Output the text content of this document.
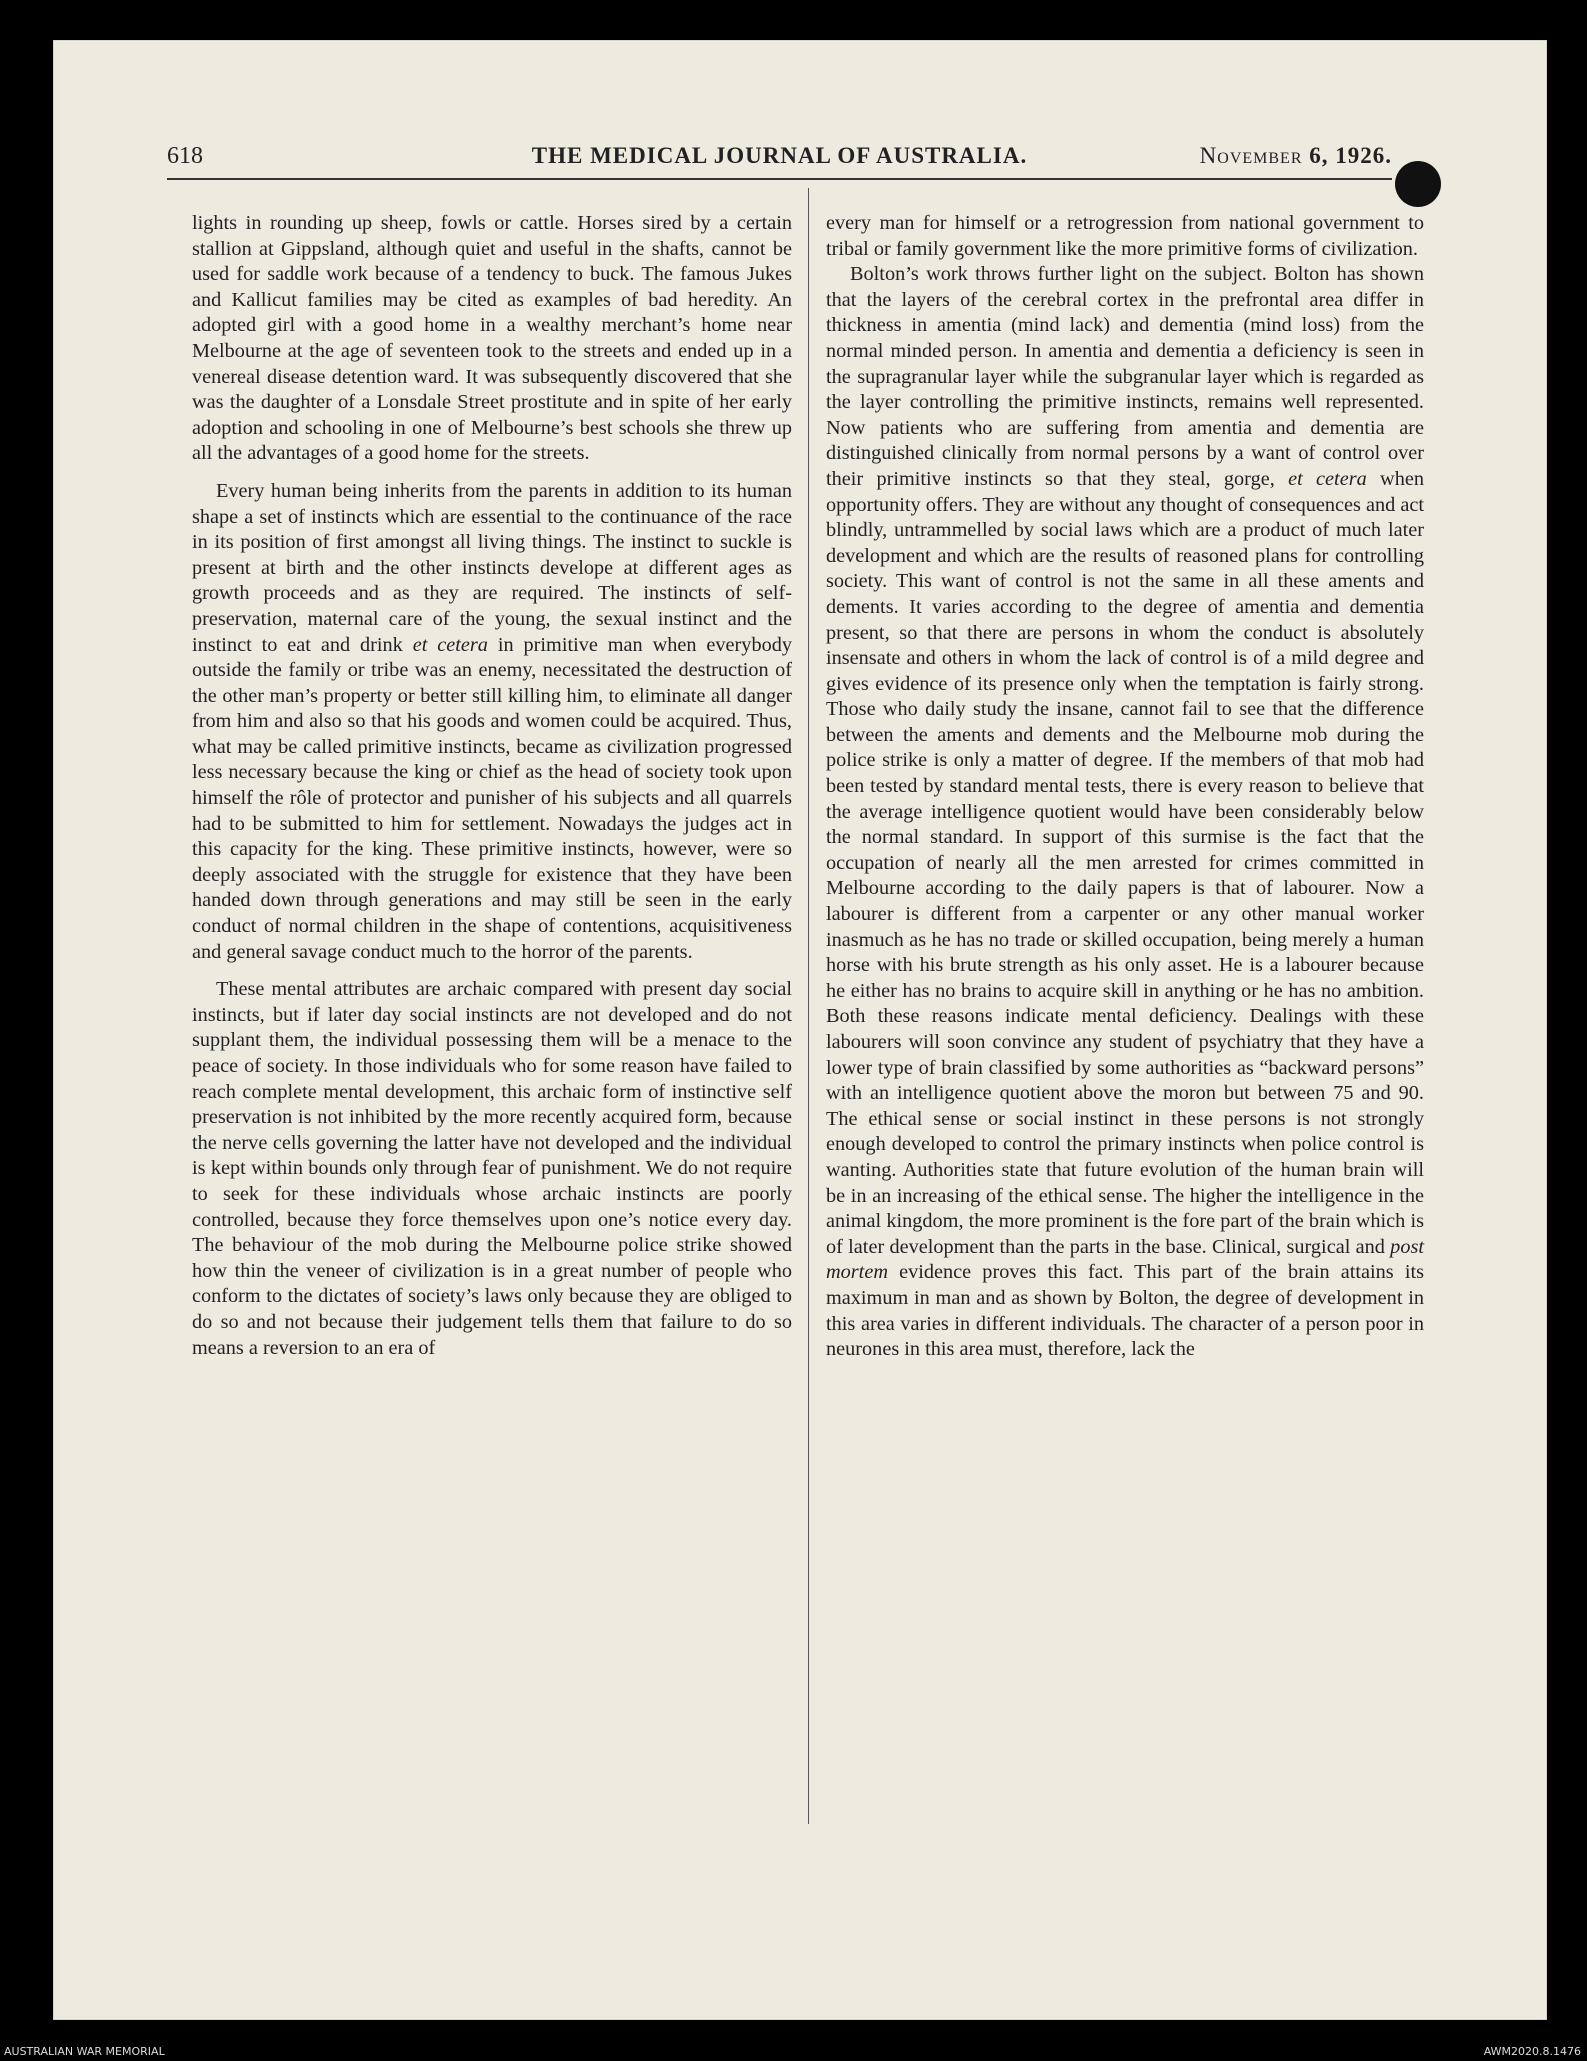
618	THE MEDICAL JOURNAL OF AUSTRALIA.	November 6, 1926.

lights in rounding up sheep, fowls or cattle. Horses sired by a certain stallion at Gippsland, although quiet and useful in the shafts, cannot be used for saddle work because of a tendency to buck. The famous Jukes and Kallicut families may be cited as examples of bad heredity. An adopted girl with a good home in a wealthy merchant’s home near Melbourne at the age of seventeen took to the streets and ended up in a venereal disease detention ward. It was subsequently discovered that she was the daughter of a Lonsdale Street prostitute and in spite of her early adoption and schooling in one of Melbourne’s best schools she threw up all the advantages of a good home for the streets.

Every human being inherits from the parents in addition to its human shape a set of instincts which are essential to the continuance of the race in its position of first amongst all living things. The instinct to suckle is present at birth and the other instincts develope at different ages as growth proceeds and as they are required. The instincts of self-preservation, maternal care of the young, the sexual instinct and the instinct to eat and drink et cetera in primitive man when everybody outside the family or tribe was an enemy, necessitated the destruction of the other man’s property or better still killing him, to eliminate all danger from him and also so that his goods and women could be acquired. Thus, what may be called primitive instincts, became as civilization progressed less necessary because the king or chief as the head of society took upon himself the rôle of protector and punisher of his subjects and all quarrels had to be submitted to him for settlement. Nowadays the judges act in this capacity for the king. These primitive instincts, however, were so deeply associated with the struggle for existence that they have been handed down through generations and may still be seen in the early conduct of normal children in the shape of contentions, acquisitiveness and general savage conduct much to the horror of the parents.

These mental attributes are archaic compared with present day social instincts, but if later day social instincts are not developed and do not supplant them, the individual possessing them will be a menace to the peace of society. In those individuals who for some reason have failed to reach complete mental development, this archaic form of instinctive self preservation is not inhibited by the more recently acquired form, because the nerve cells governing the latter have not developed and the individual is kept within bounds only through fear of punishment. We do not require to seek for these individuals whose archaic instincts are poorly controlled, because they force themselves upon one’s notice every day. The behaviour of the mob during the Melbourne police strike showed how thin the veneer of civilization is in a great number of people who conform to the dictates of society’s laws only because they are obliged to do so and not because their judgement tells them that failure to do so means a reversion to an era of

every man for himself or a retrogression from national government to tribal or family government like the more primitive forms of civilization.

Bolton’s work throws further light on the subject. Bolton has shown that the layers of the cerebral cortex in the prefrontal area differ in thickness in amentia (mind lack) and dementia (mind loss) from the normal minded person. In amentia and dementia a deficiency is seen in the supragranular layer while the subgranular layer which is regarded as the layer controlling the primitive instincts, remains well represented. Now patients who are suffering from amentia and dementia are distinguished clinically from normal persons by a want of control over their primitive instincts so that they steal, gorge, et cetera when opportunity offers. They are without any thought of consequences and act blindly, untrammelled by social laws which are a product of much later development and which are the results of reasoned plans for controlling society. This want of control is not the same in all these aments and dements. It varies according to the degree of amentia and dementia present, so that there are persons in whom the conduct is absolutely insensate and others in whom the lack of control is of a mild degree and gives evidence of its presence only when the temptation is fairly strong. Those who daily study the insane, cannot fail to see that the difference between the aments and dements and the Melbourne mob during the police strike is only a matter of degree. If the members of that mob had been tested by standard mental tests, there is every reason to believe that the average intelligence quotient would have been considerably below the normal standard. In support of this surmise is the fact that the occupation of nearly all the men arrested for crimes committed in Melbourne according to the daily papers is that of labourer. Now a labourer is different from a carpenter or any other manual worker inasmuch as he has no trade or skilled occupation, being merely a human horse with his brute strength as his only asset. He is a labourer because he either has no brains to acquire skill in anything or he has no ambition. Both these reasons indicate mental deficiency. Dealings with these labourers will soon convince any student of psychiatry that they have a lower type of brain classified by some authorities as “backward persons” with an intelligence quotient above the moron but between 75 and 90. The ethical sense or social instinct in these persons is not strongly enough developed to control the primary instincts when police control is wanting. Authorities state that future evolution of the human brain will be in an increasing of the ethical sense. The higher the intelligence in the animal kingdom, the more prominent is the fore part of the brain which is of later development than the parts in the base. Clinical, surgical and post mortem evidence proves this fact. This part of the brain attains its maximum in man and as shown by Bolton, the degree of development in this area varies in different individuals. The character of a person poor in neurones in this area must, therefore, lack the

AUSTRALIAN WAR MEMORIAL	AWM2020.8.1476
